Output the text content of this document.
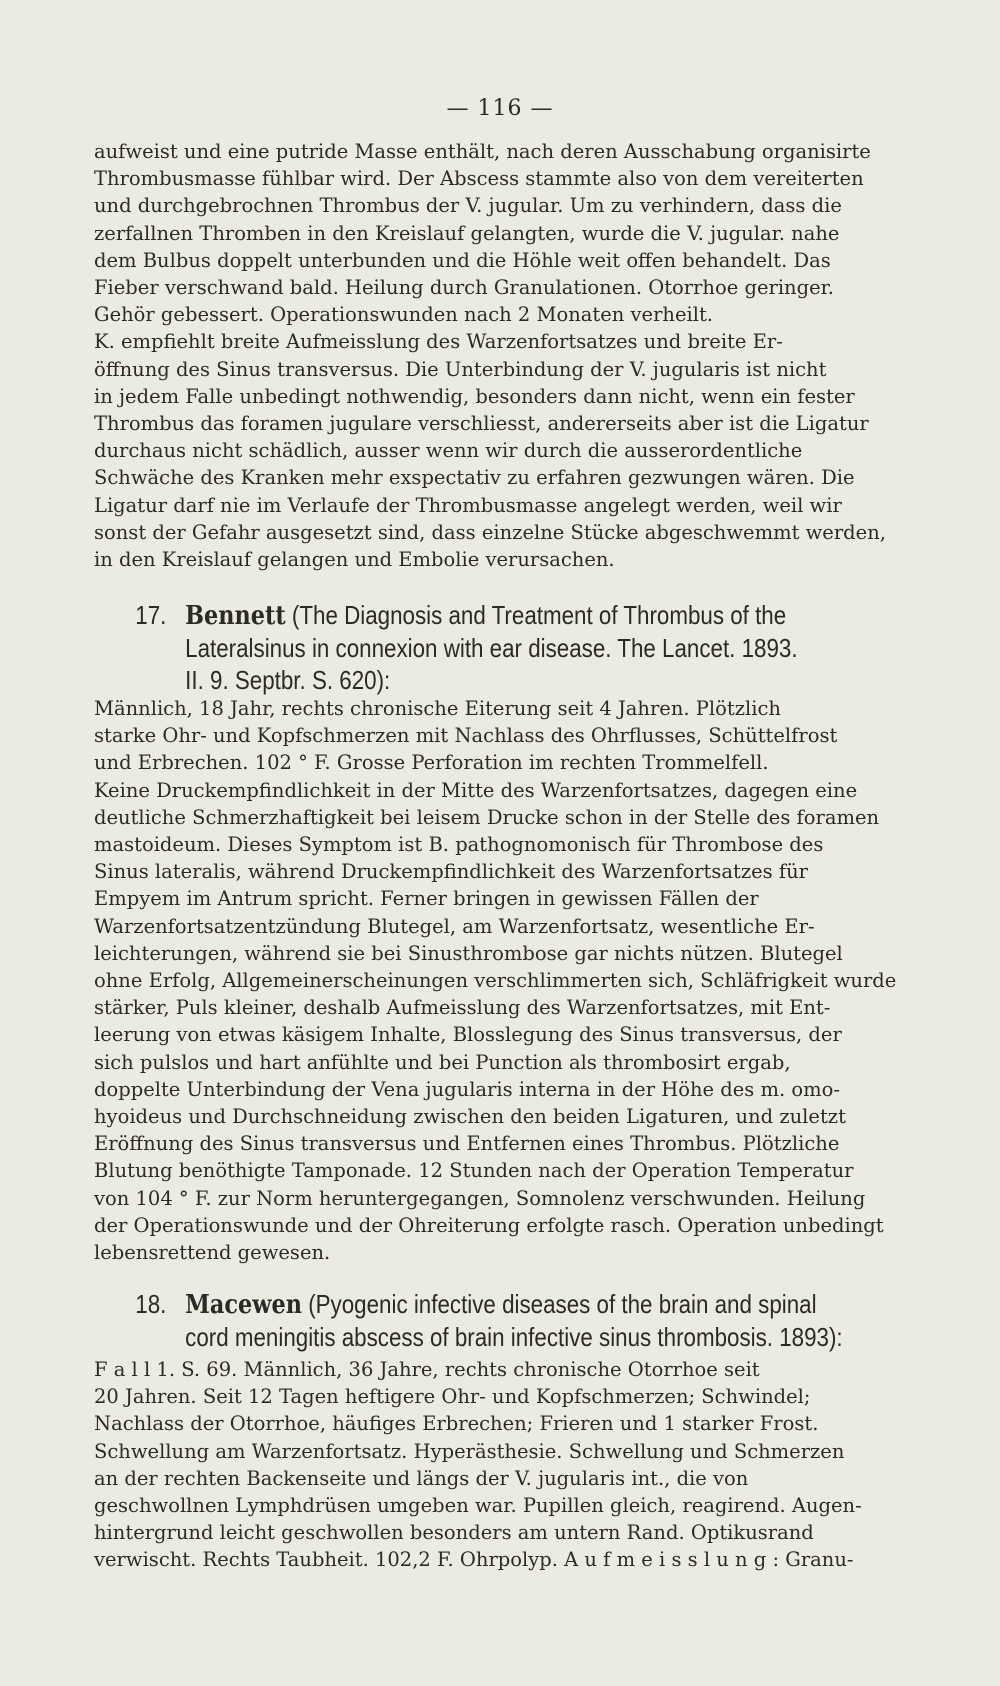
— 116 —
aufweist und eine putride Masse enthält, nach deren Ausschabung organisirte
Thrombusmasse fühlbar wird. Der Abscess stammte also von dem vereiterten
und durchgebrochnen Thrombus der V. jugular. Um zu verhindern, dass die
zerfallnen Thromben in den Kreislauf gelangten, wurde die V. jugular. nahe
dem Bulbus doppelt unterbunden und die Höhle weit offen behandelt. Das
Fieber verschwand bald. Heilung durch Granulationen. Otorrhoe geringer.
Gehör gebessert. Operationswunden nach 2 Monaten verheilt.
K. empfiehlt breite Aufmeisslung des Warzenfortsatzes und breite Er-
öffnung des Sinus transversus. Die Unterbindung der V. jugularis ist nicht
in jedem Falle unbedingt nothwendig, besonders dann nicht, wenn ein fester
Thrombus das foramen jugulare verschliesst, andererseits aber ist die Ligatur
durchaus nicht schädlich, ausser wenn wir durch die ausserordentliche
Schwäche des Kranken mehr exspectativ zu erfahren gezwungen wären. Die
Ligatur darf nie im Verlaufe der Thrombusmasse angelegt werden, weil wir
sonst der Gefahr ausgesetzt sind, dass einzelne Stücke abgeschwemmt werden,
in den Kreislauf gelangen und Embolie verursachen.
17. Bennett (The Diagnosis and Treatment of Thrombus of the
Lateralsinus in connexion with ear disease. The Lancet. 1893.
II. 9. Septbr. S. 620):
Männlich, 18 Jahr, rechts chronische Eiterung seit 4 Jahren. Plötzlich
starke Ohr- und Kopfschmerzen mit Nachlass des Ohrflusses, Schüttelfrost
und Erbrechen. 102 ° F. Grosse Perforation im rechten Trommelfell.
Keine Druckempfindlichkeit in der Mitte des Warzenfortsatzes, dagegen eine
deutliche Schmerzhaftigkeit bei leisem Drucke schon in der Stelle des foramen
mastoideum. Dieses Symptom ist B. pathognomonisch für Thrombose des
Sinus lateralis, während Druckempfindlichkeit des Warzenfortsatzes für
Empyem im Antrum spricht. Ferner bringen in gewissen Fällen der
Warzenfortsatzentzündung Blutegel, am Warzenfortsatz, wesentliche Er-
leichterungen, während sie bei Sinusthrombose gar nichts nützen. Blutegel
ohne Erfolg, Allgemeinerscheinungen verschlimmerten sich, Schläfrigkeit wurde
stärker, Puls kleiner, deshalb Aufmeisslung des Warzenfortsatzes, mit Ent-
leerung von etwas käsigem Inhalte, Blosslegung des Sinus transversus, der
sich pulslos und hart anfühlte und bei Punction als thrombosirt ergab,
doppelte Unterbindung der Vena jugularis interna in der Höhe des m. omo-
hyoideus und Durchschneidung zwischen den beiden Ligaturen, und zuletzt
Eröffnung des Sinus transversus und Entfernen eines Thrombus. Plötzliche
Blutung benöthigte Tamponade. 12 Stunden nach der Operation Temperatur
von 104 ° F. zur Norm heruntergegangen, Somnolenz verschwunden. Heilung
der Operationswunde und der Ohreiterung erfolgte rasch. Operation unbedingt
lebensrettend gewesen.
18. Macewen (Pyogenic infective diseases of the brain and spinal
cord meningitis abscess of brain infective sinus thrombosis. 1893):
F a l l 1. S. 69. Männlich, 36 Jahre, rechts chronische Otorrhoe seit
20 Jahren. Seit 12 Tagen heftigere Ohr- und Kopfschmerzen; Schwindel;
Nachlass der Otorrhoe, häufiges Erbrechen; Frieren und 1 starker Frost.
Schwellung am Warzenfortsatz. Hyperästhesie. Schwellung und Schmerzen
an der rechten Backenseite und längs der V. jugularis int., die von
geschwollnen Lymphdrüsen umgeben war. Pupillen gleich, reagirend. Augen-
hintergrund leicht geschwollen besonders am untern Rand. Optikusrand
verwischt. Rechts Taubheit. 102,2 F. Ohrpolyp. A u f m e i s s l u n g : Granu-
